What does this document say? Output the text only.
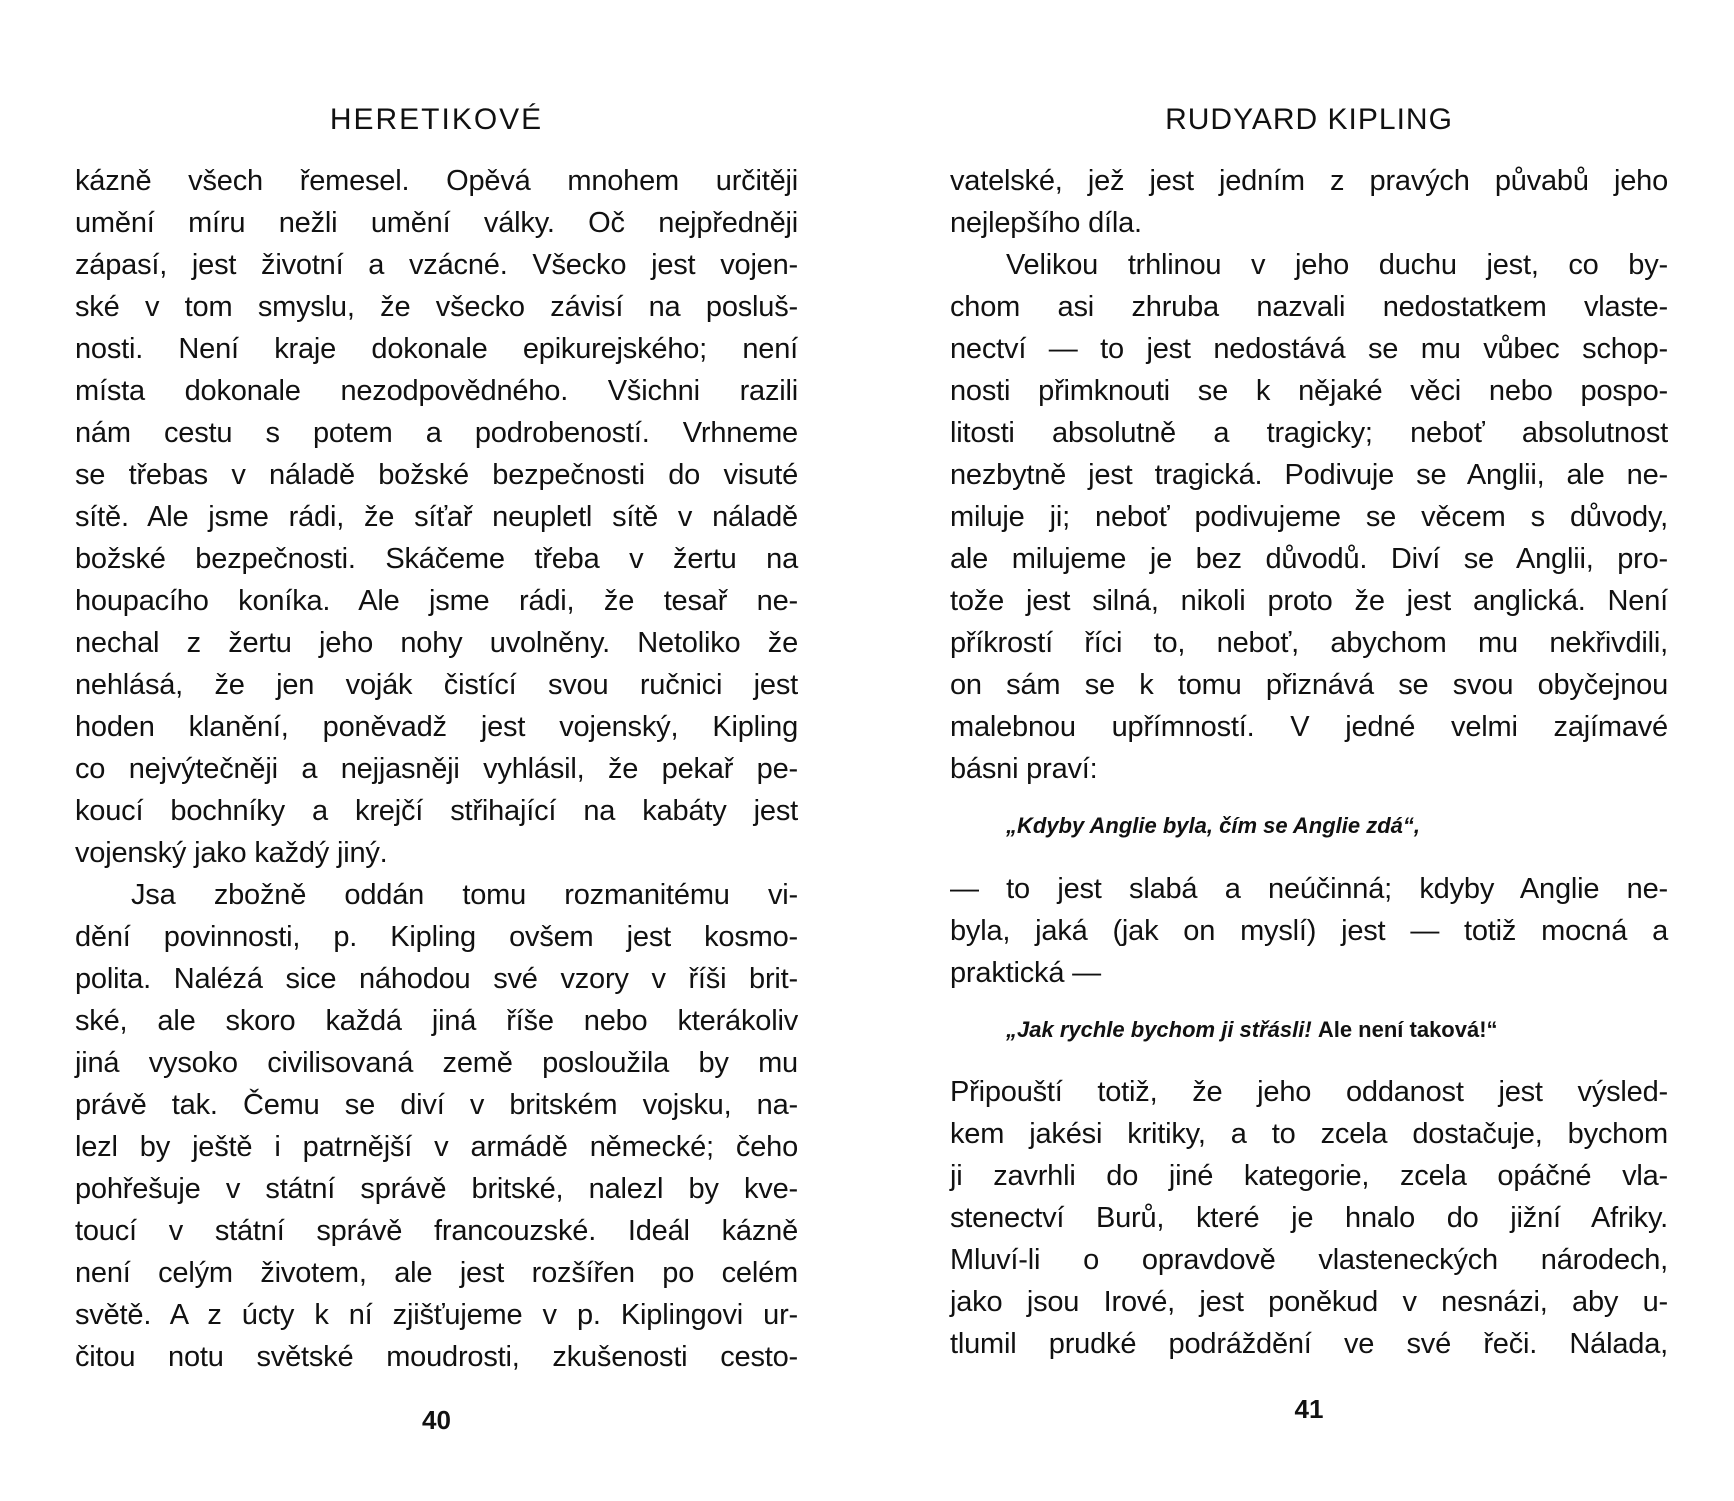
HERETIKOVÉ
kázně všech řemesel. Opěvá mnohem určitěji
umění míru nežli umění války. Oč nejpředněji
zápasí, jest životní a vzácné. Všecko jest vojen-
ské v tom smyslu, že všecko závisí na posluš-
nosti. Není kraje dokonale epikurejského; není
místa dokonale nezodpovědného. Všichni razili
nám cestu s potem a podrobeností. Vrhneme
se třebas v náladě božské bezpečnosti do visuté
sítě. Ale jsme rádi, že síťař neupletl sítě v náladě
božské bezpečnosti. Skáčeme třeba v žertu na
houpacího koníka. Ale jsme rádi, že tesař ne-
nechal z žertu jeho nohy uvolněny. Netoliko že
nehlásá, že jen voják čistící svou ručnici jest
hoden klanění, poněvadž jest vojenský, Kipling
co nejvýtečněji a nejjasněji vyhlásil, že pekař pe-
koucí bochníky a krejčí střihající na kabáty jest
vojenský jako každý jiný.
Jsa zbožně oddán tomu rozmanitému vi-
dění povinnosti, p. Kipling ovšem jest kosmo-
polita. Nalézá sice náhodou své vzory v říši brit-
ské, ale skoro každá jiná říše nebo kterákoliv
jiná vysoko civilisovaná země posloužila by mu
právě tak. Čemu se diví v britském vojsku, na-
lezl by ještě i patrnější v armádě německé; čeho
pohřešuje v státní správě britské, nalezl by kve-
toucí v státní správě francouzské. Ideál kázně
není celým životem, ale jest rozšířen po celém
světě. A z úcty k ní zjišťujeme v p. Kiplingovi ur-
čitou notu světské moudrosti, zkušenosti cesto-
40
RUDYARD KIPLING
vatelské, jež jest jedním z pravých půvabů jeho
nejlepšího díla.
Velikou trhlinou v jeho duchu jest, co by-
chom asi zhruba nazvali nedostatkem vlaste-
nectví — to jest nedostává se mu vůbec schop-
nosti přimknouti se k nějaké věci nebo pospo-
litosti absolutně a tragicky; neboť absolutnost
nezbytně jest tragická. Podivuje se Anglii, ale ne-
miluje ji; neboť podivujeme se věcem s důvody,
ale milujeme je bez důvodů. Diví se Anglii, pro-
tože jest silná, nikoli proto že jest anglická. Není
příkrostí říci to, neboť, abychom mu nekřivdili,
on sám se k tomu přiznává se svou obyčejnou
malebnou upřímností. V jedné velmi zajímavé
básni praví:
„Kdyby Anglie byla, čím se Anglie zdá“,
— to jest slabá a neúčinná; kdyby Anglie ne-
byla, jaká (jak on myslí) jest — totiž mocná a
praktická —
„Jak rychle bychom ji střásli! Ale není taková!“
Připouští totiž, že jeho oddanost jest výsled-
kem jakési kritiky, a to zcela dostačuje, bychom
ji zavrhli do jiné kategorie, zcela opáčné vla-
stenectví Burů, které je hnalo do jižní Afriky.
Mluví-li o opravdově vlasteneckých národech,
jako jsou Irové, jest poněkud v nesnázi, aby u-
tlumil prudké podráždění ve své řeči. Nálada,
41
